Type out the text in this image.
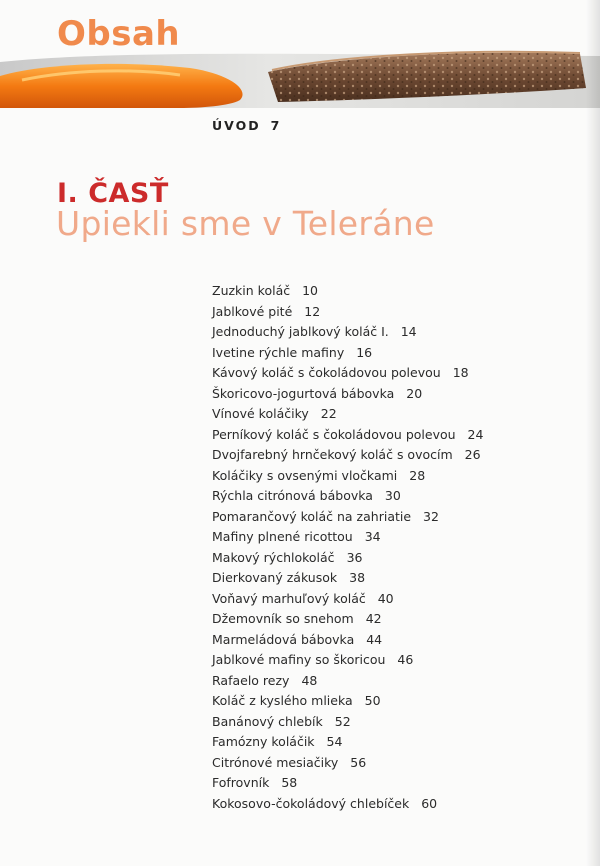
Obsah
ÚVOD 7
I. ČASŤ
Upiekli sme v Teleráne
Zuzkin koláč 10
Jablkové pité 12
Jednoduchý jablkový koláč I. 14
Ivetine rýchle mafiny 16
Kávový koláč s čokoládovou polevou 18
Škoricovo-jogurtová bábovka 20
Vínové koláčiky 22
Perníkový koláč s čokoládovou polevou 24
Dvojfarebný hrnčekový koláč s ovocím 26
Koláčiky s ovsenými vločkami 28
Rýchla citrónová bábovka 30
Pomarančový koláč na zahriatie 32
Mafiny plnené ricottou 34
Makový rýchlokoláč 36
Dierkovaný zákusok 38
Voňavý marhuľový koláč 40
Džemovník so snehom 42
Marmeládová bábovka 44
Jablkové mafiny so škoricou 46
Rafaelo rezy 48
Koláč z kyslého mlieka 50
Banánový chlebík 52
Famózny koláčik 54
Citrónové mesiačiky 56
Fofrovník 58
Kokosovo-čokoládový chlebíček 60
